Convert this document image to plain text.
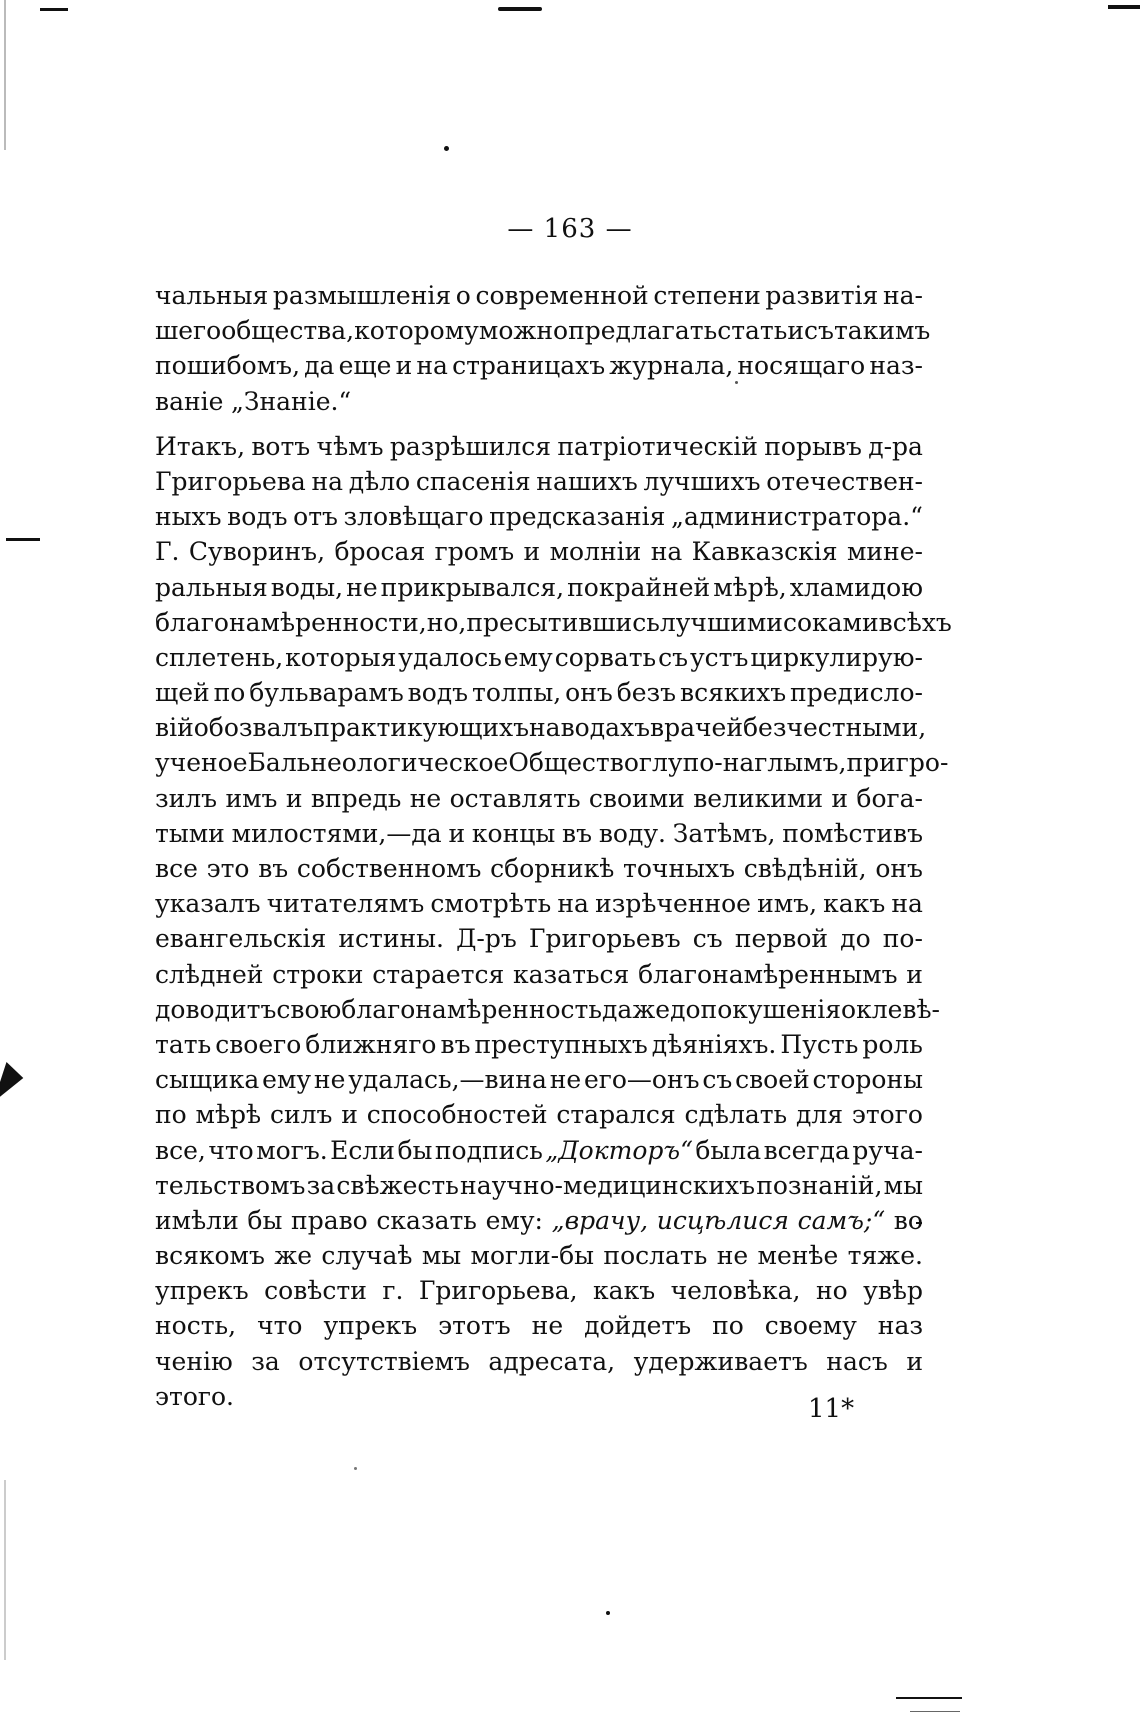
— 163 —
чальныя размышленія о современной степени развитія на-
шего общества, которому можно предлагать статьи съ такимъ
пошибомъ, да еще и на страницахъ журнала, носящаго наз-
ваніе „Знаніе.“
Итакъ, вотъ чѣмъ разрѣшился патріотическій порывъ д-ра
Григорьева на дѣло спасенія нашихъ лучшихъ отечествен-
ныхъ водъ отъ зловѣщаго предсказанія „администратора.“
Г. Суворинъ, бросая громъ и молніи на Кавказскія мине-
ральныя воды, не прикрывался, покрайней мѣрѣ, хламидою
благонамѣренности, но, пресытившись лучшими соками всѣхъ
сплетень, которыя удалось ему сорвать съ устъ циркулирую-
щей по бульварамъ водъ толпы, онъ безъ всякихъ предисло-
вій обозвалъ практикующихъ на водахъ врачей безчестными,
ученое Бальнеологическое Общество глупо-наглымъ, пригро-
зилъ имъ и впредь не оставлять своими великими и бога-
тыми милостями,—да и концы въ воду. Затѣмъ, помѣстивъ
все это въ собственномъ сборникѣ точныхъ свѣдѣній, онъ
указалъ читателямъ смотрѣть на изрѣченное имъ, какъ на
евангельскія истины. Д-ръ Григорьевъ съ первой до по-
слѣдней строки старается казаться благонамѣреннымъ и
доводитъ свою благонамѣренность даже до покушенія оклевѣ-
тать своего ближняго въ преступныхъ дѣяніяхъ. Пусть роль
сыщика ему не удалась,—вина не его—онъ съ своей стороны
по мѣрѣ силъ и способностей старался сдѣлать для этого
все, что могъ. Если бы подпись „Докторъ“ была всегда руча-
тельствомъ за свѣжесть научно-медицинскихъ познаній, мы
имѣли бы право сказать ему: „врачу, исцѣлися самъ;“ во
всякомъ же случаѣ мы могли-бы послать не менѣе тяже.
упрекъ совѣсти г. Григорьева, какъ человѣка, но увѣр
ность, что упрекъ этотъ не дойдетъ по своему наз
ченію за отсутствіемъ адресата, удерживаетъ насъ и
этого.	11*
